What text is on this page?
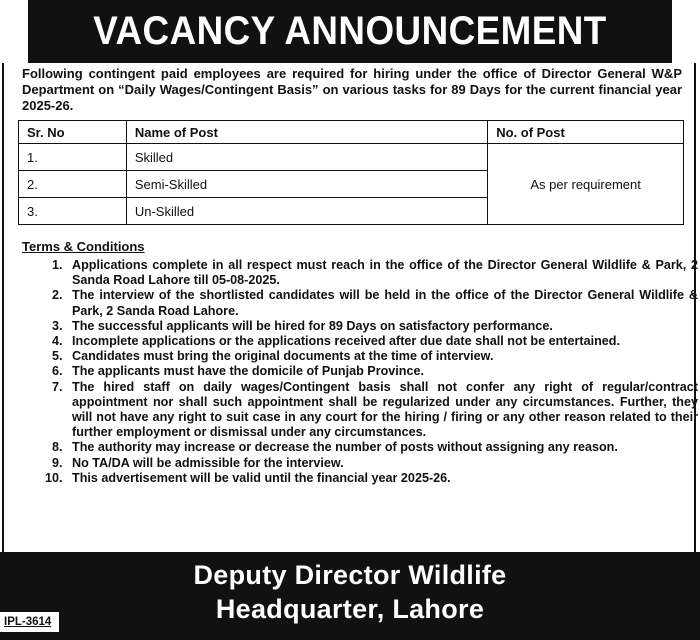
VACANCY ANNOUNCEMENT
Following contingent paid employees are required for hiring under the office of Director General W&P Department on “Daily Wages/Contingent Basis” on various tasks for 89 Days for the current financial year 2025-26.
Sr. No	Name of Post	No. of Post
1.	Skilled	As per requirement
2.	Semi-Skilled	
3.	Un-Skilled	
Terms & Conditions
1. Applications complete in all respect must reach in the office of the Director General Wildlife & Park, 2 Sanda Road Lahore till 05-08-2025.
2. The interview of the shortlisted candidates will be held in the office of the Director General Wildlife & Park, 2 Sanda Road Lahore.
3. The successful applicants will be hired for 89 Days on satisfactory performance.
4. Incomplete applications or the applications received after due date shall not be entertained.
5. Candidates must bring the original documents at the time of interview.
6. The applicants must have the domicile of Punjab Province.
7. The hired staff on daily wages/Contingent basis shall not confer any right of regular/contract appointment nor shall such appointment shall be regularized under any circumstances. Further, they will not have any right to suit case in any court for the hiring / firing or any other reason related to their further employment or dismissal under any circumstances.
8. The authority may increase or decrease the number of posts without assigning any reason.
9. No TA/DA will be admissible for the interview.
10. This advertisement will be valid until the financial year 2025-26.
Deputy Director Wildlife
Headquarter, Lahore
IPL-3614
